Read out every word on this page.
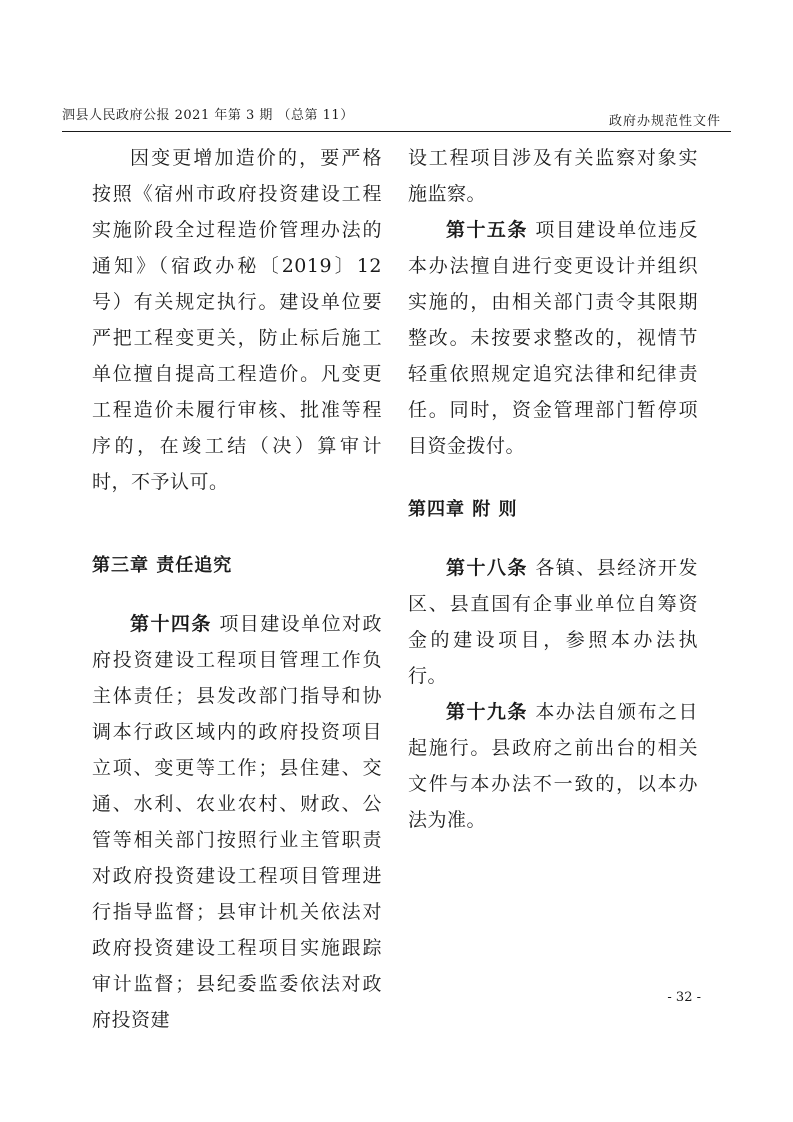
泗县人民政府公报 2021 年第 3 期 （总第 11）	政府办规范性文件

因变更增加造价的，要严格按照《宿州市政府投资建设工程实施阶段全过程造价管理办法的通知》（宿政办秘〔2019〕12号）有关规定执行。建设单位要严把工程变更关，防止标后施工单位擅自提高工程造价。凡变更工程造价未履行审核、批准等程序的，在竣工结（决）算审计时，不予认可。

第三章 责任追究

第十四条 项目建设单位对政府投资建设工程项目管理工作负主体责任；县发改部门指导和协调本行政区域内的政府投资项目立项、变更等工作；县住建、交通、水利、农业农村、财政、公管等相关部门按照行业主管职责对政府投资建设工程项目管理进行指导监督；县审计机关依法对政府投资建设工程项目实施跟踪审计监督；县纪委监委依法对政府投资建

设工程项目涉及有关监察对象实施监察。

第十五条 项目建设单位违反本办法擅自进行变更设计并组织实施的，由相关部门责令其限期整改。未按要求整改的，视情节轻重依照规定追究法律和纪律责任。同时，资金管理部门暂停项目资金拨付。

第四章 附 则

第十八条 各镇、县经济开发区、县直国有企事业单位自筹资金的建设项目，参照本办法执行。

第十九条 本办法自颁布之日起施行。县政府之前出台的相关文件与本办法不一致的，以本办法为准。

- 32 -
